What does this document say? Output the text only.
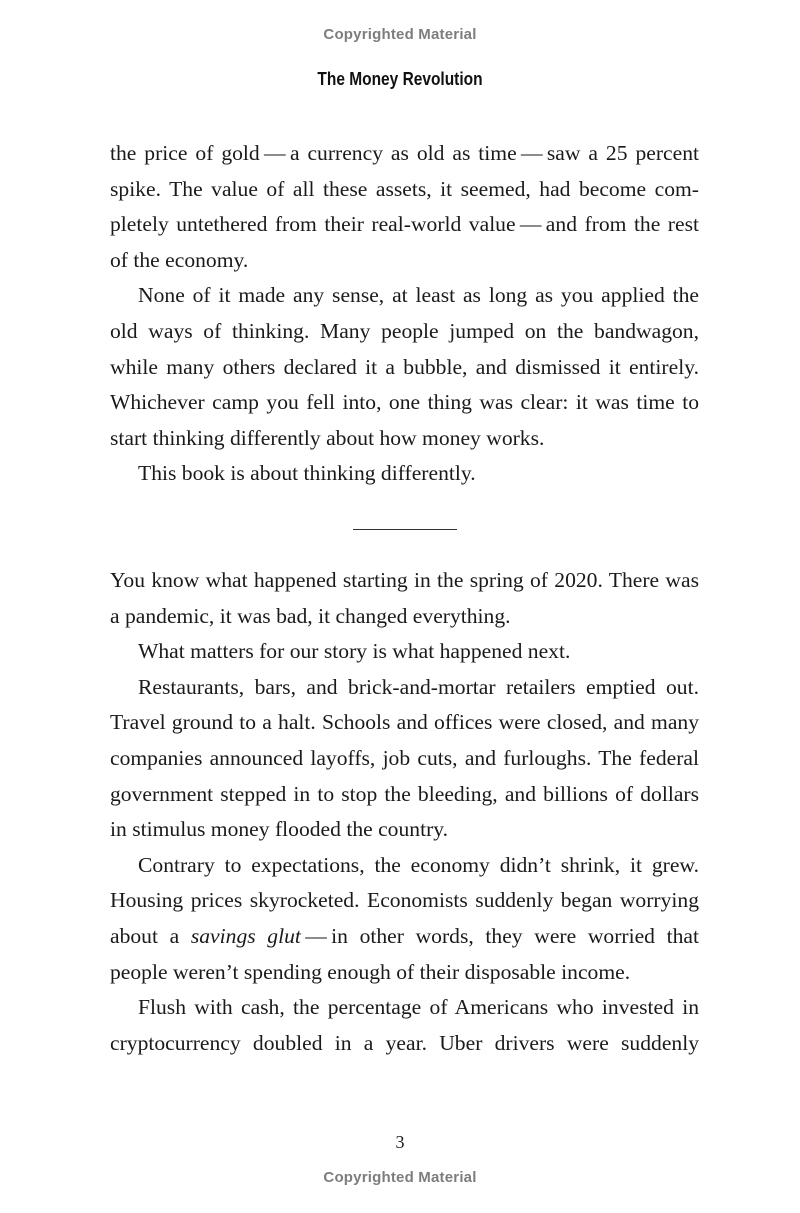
Copyrighted Material
The Money Revolution

the price of gold — a currency as old as time — saw a 25 percent spike. The value of all these assets, it seemed, had become completely untethered from their real-world value — and from the rest of the economy.

None of it made any sense, at least as long as you applied the old ways of thinking. Many people jumped on the bandwagon, while many others declared it a bubble, and dismissed it entirely. Whichever camp you fell into, one thing was clear: it was time to start thinking differently about how money works.

This book is about thinking differently.

You know what happened starting in the spring of 2020. There was a pandemic, it was bad, it changed everything.

What matters for our story is what happened next.

Restaurants, bars, and brick-and-mortar retailers emptied out. Travel ground to a halt. Schools and offices were closed, and many companies announced layoffs, job cuts, and furloughs. The federal government stepped in to stop the bleeding, and billions of dollars in stimulus money flooded the country.

Contrary to expectations, the economy didn’t shrink, it grew. Housing prices skyrocketed. Economists suddenly began worrying about a savings glut — in other words, they were worried that people weren’t spending enough of their disposable income.

Flush with cash, the percentage of Americans who invested in cryptocurrency doubled in a year. Uber drivers were suddenly

3
Copyrighted Material
